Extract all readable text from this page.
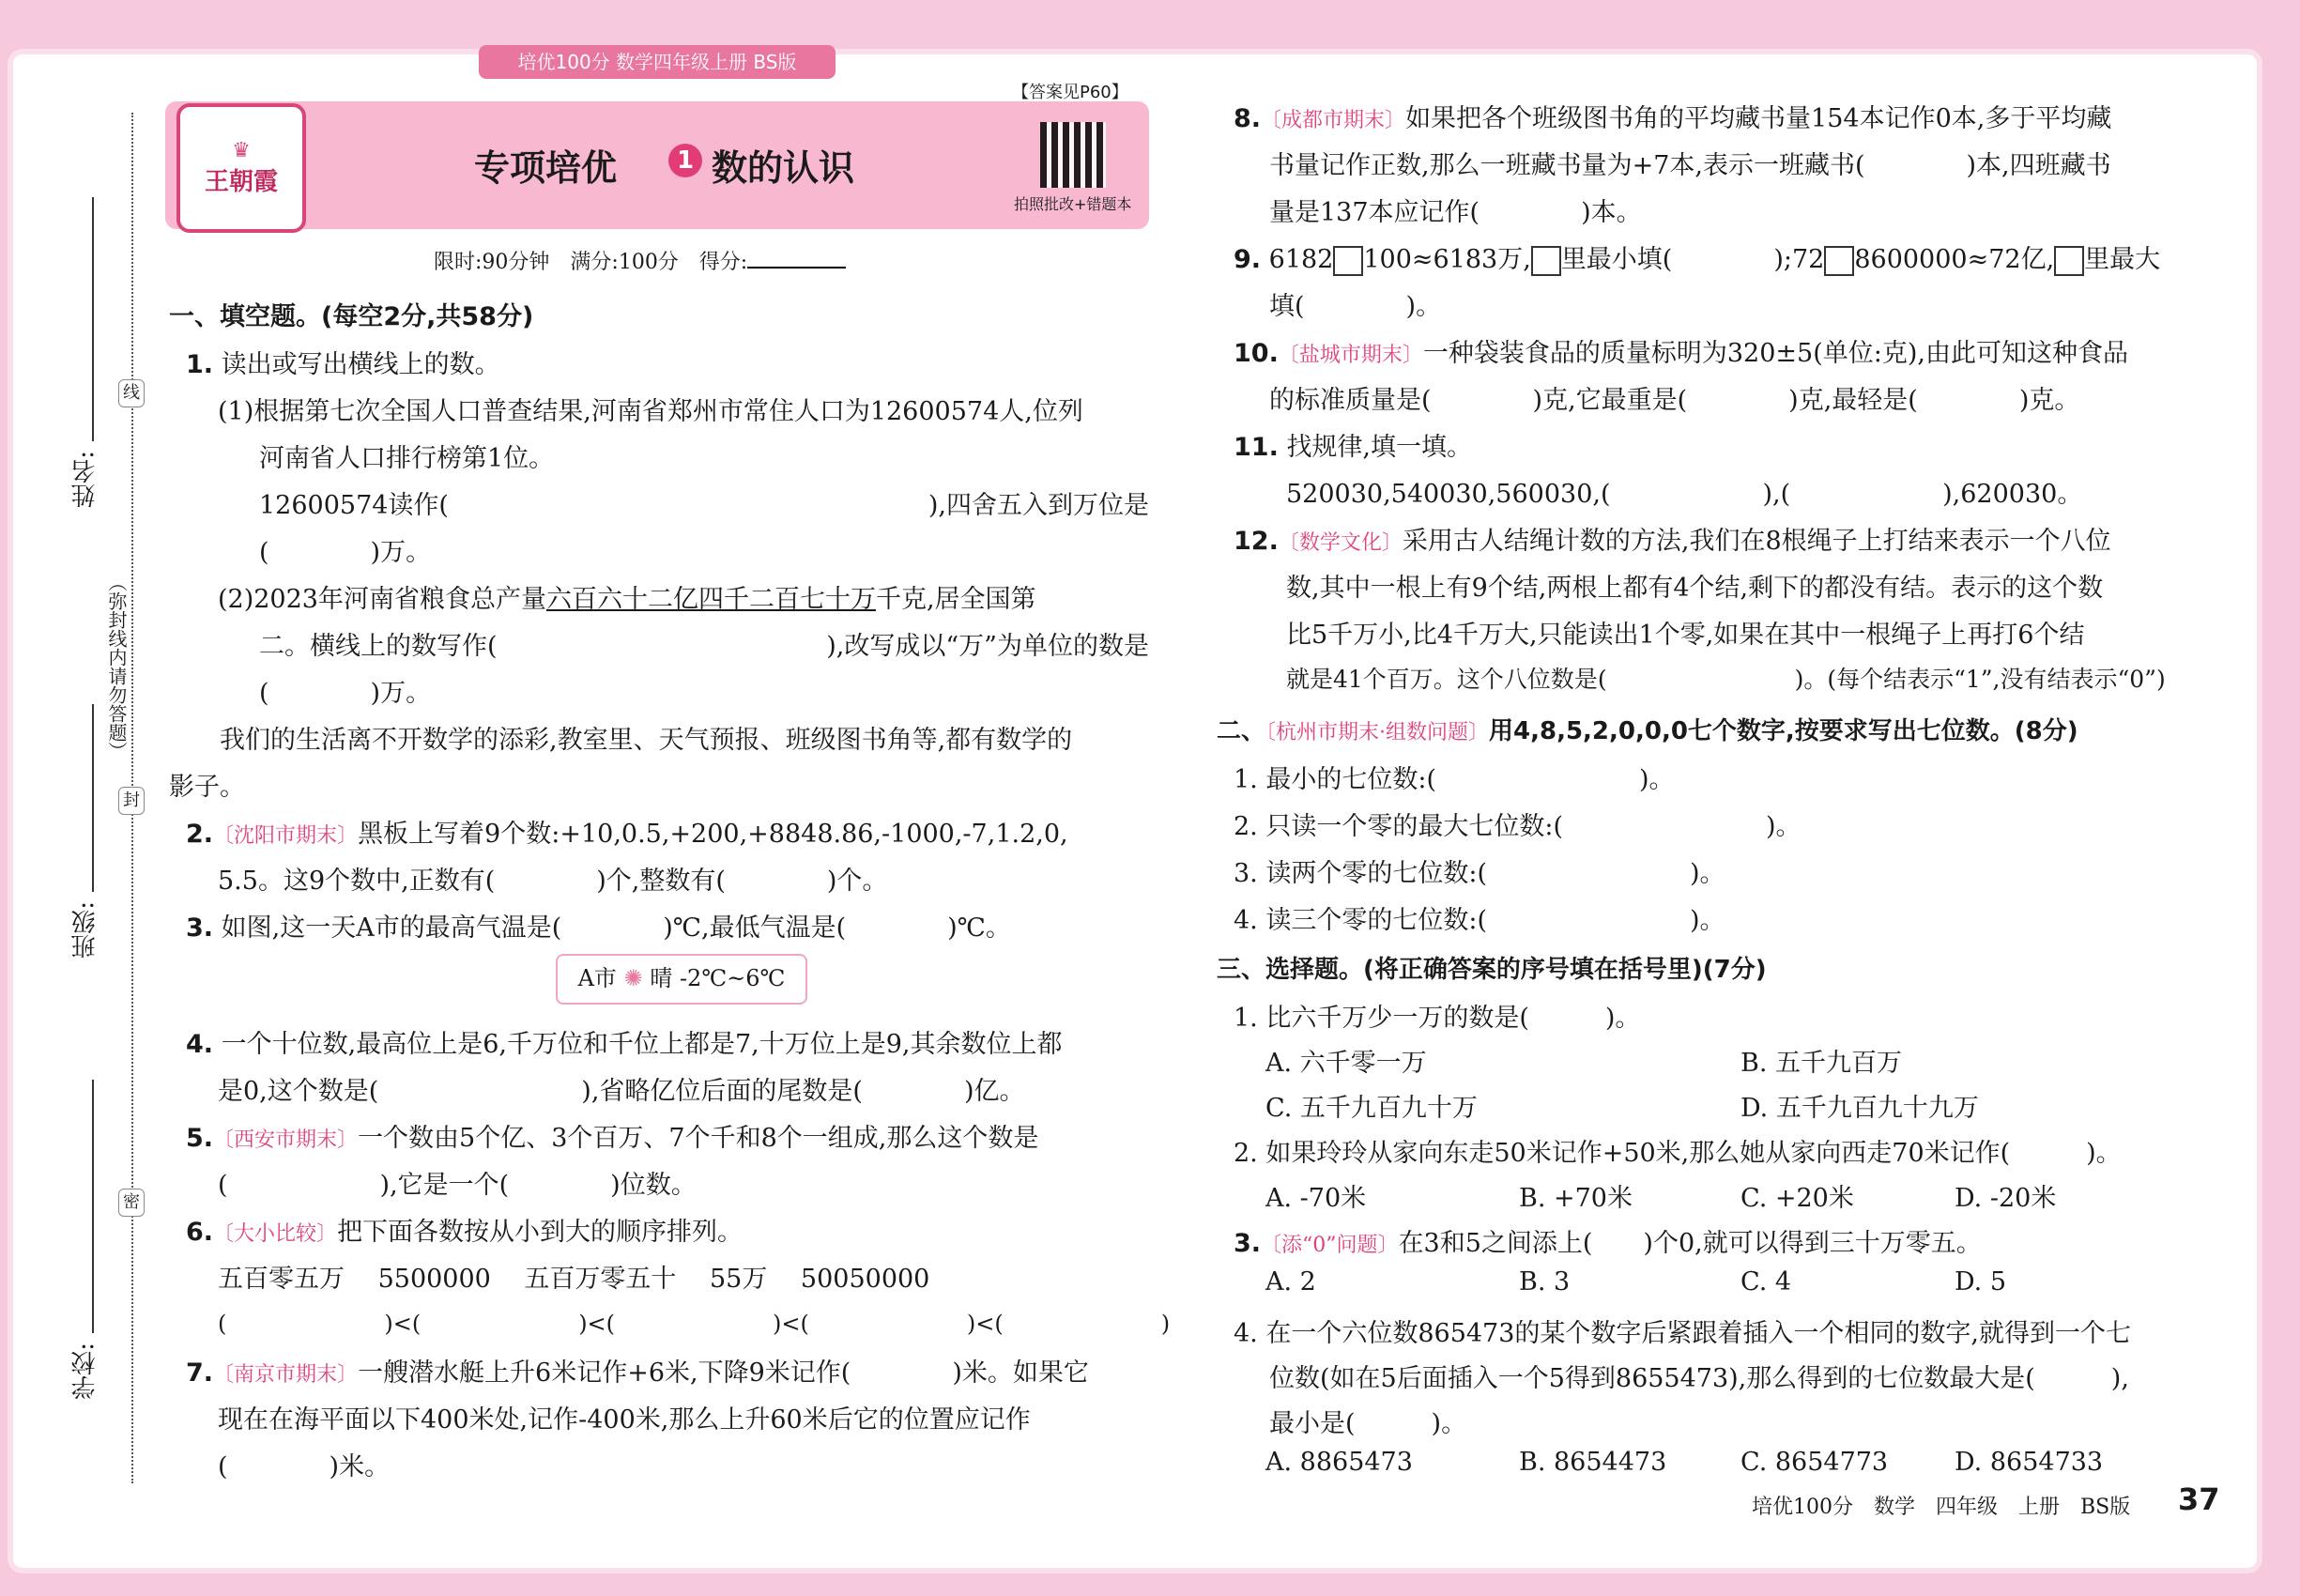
培优100分 数学四年级上册 BS版
♛
王朝霞
【答案见P60】
专项培优	1 数的认识
拍照批改+错题本
限时:90分钟　满分:100分　得分:
姓名:
线
（弥封线内请勿答题）
封
班级:
密
学校:
一、填空题。(每空2分,共58分)
1. 读出或写出横线上的数。
(1)根据第七次全国人口普查结果,河南省郑州市常住人口为12600574人,位列
河南省人口排行榜第1位。
12600574读作(	),四舍五入到万位是
(　　　　)万。
(2)2023年河南省粮食总产量六百六十二亿四千二百七十万千克,居全国第
二。横线上的数写作(	),改写成以“万”为单位的数是
(　　　　)万。
我们的生活离不开数学的添彩,教室里、天气预报、班级图书角等,都有数学的
影子。
2.〔沈阳市期末〕黑板上写着9个数:+10,0.5,+200,+8848.86,-1000,-7,1.2,0,
5.5。这9个数中,正数有(　　　　)个,整数有(　　　　)个。
3. 如图,这一天A市的最高气温是(　　　　)℃,最低气温是(　　　　)℃。
A市 ✺ 晴 -2℃~6℃
4. 一个十位数,最高位上是6,千万位和千位上都是7,十万位上是9,其余数位上都
是0,这个数是(　　　　　　　　),省略亿位后面的尾数是(　　　　)亿。
5.〔西安市期末〕一个数由5个亿、3个百万、7个千和8个一组成,那么这个数是
(　　　　　　),它是一个(　　　　)位数。
6.〔大小比较〕把下面各数按从小到大的顺序排列。
五百零五万　 5500000　 五百万零五十　 55万　 50050000
(　　　　　　　)<(　　　　　　　)<(　　　　　　　)<(　　　　　　　)<(　　　　　　　)
7.〔南京市期末〕一艘潜水艇上升6米记作+6米,下降9米记作(　　　　)米。如果它
现在在海平面以下400米处,记作-400米,那么上升60米后它的位置应记作
(　　　　)米。
8.〔成都市期末〕如果把各个班级图书角的平均藏书量154本记作0本,多于平均藏
书量记作正数,那么一班藏书量为+7本,表示一班藏书(　　　　)本,四班藏书
量是137本应记作(　　　　)本。
9. 6182 100≈6183万, 里最小填(　　　　);72 8600000≈72亿, 里最大
填(　　　　)。
10.〔盐城市期末〕一种袋装食品的质量标明为320±5(单位:克),由此可知这种食品
的标准质量是(　　　　)克,它最重是(　　　　)克,最轻是(　　　　)克。
11. 找规律,填一填。
520030,540030,560030,(　　　　　　),(　　　　　　),620030。
12.〔数学文化〕采用古人结绳计数的方法,我们在8根绳子上打结来表示一个八位
数,其中一根上有9个结,两根上都有4个结,剩下的都没有结。表示的这个数
比5千万小,比4千万大,只能读出1个零,如果在其中一根绳子上再打6个结
就是41个百万。这个八位数是(　　　　　　　　)。(每个结表示“1”,没有结表示“0”)
二、〔杭州市期末·组数问题〕用4,8,5,2,0,0,0七个数字,按要求写出七位数。(8分)
1. 最小的七位数:(　　　　　　　　)。
2. 只读一个零的最大七位数:(　　　　　　　　)。
3. 读两个零的七位数:(　　　　　　　　)。
4. 读三个零的七位数:(　　　　　　　　)。
三、选择题。(将正确答案的序号填在括号里)(7分)
1. 比六千万少一万的数是(　　　)。
A. 六千零一万	B. 五千九百万
C. 五千九百九十万	D. 五千九百九十九万
2. 如果玲玲从家向东走50米记作+50米,那么她从家向西走70米记作(　　　)。
A. -70米	B. +70米	C. +20米	D. -20米
3.〔添“0”问题〕在3和5之间添上(　　)个0,就可以得到三十万零五。
A. 2	B. 3	C. 4	D. 5
4. 在一个六位数865473的某个数字后紧跟着插入一个相同的数字,就得到一个七
位数(如在5后面插入一个5得到8655473),那么得到的七位数最大是(　　　),
最小是(　　　)。
A. 8865473	B. 8654473	C. 8654773	D. 8654733
培优100分　数学　四年级　上册　BS版 37
